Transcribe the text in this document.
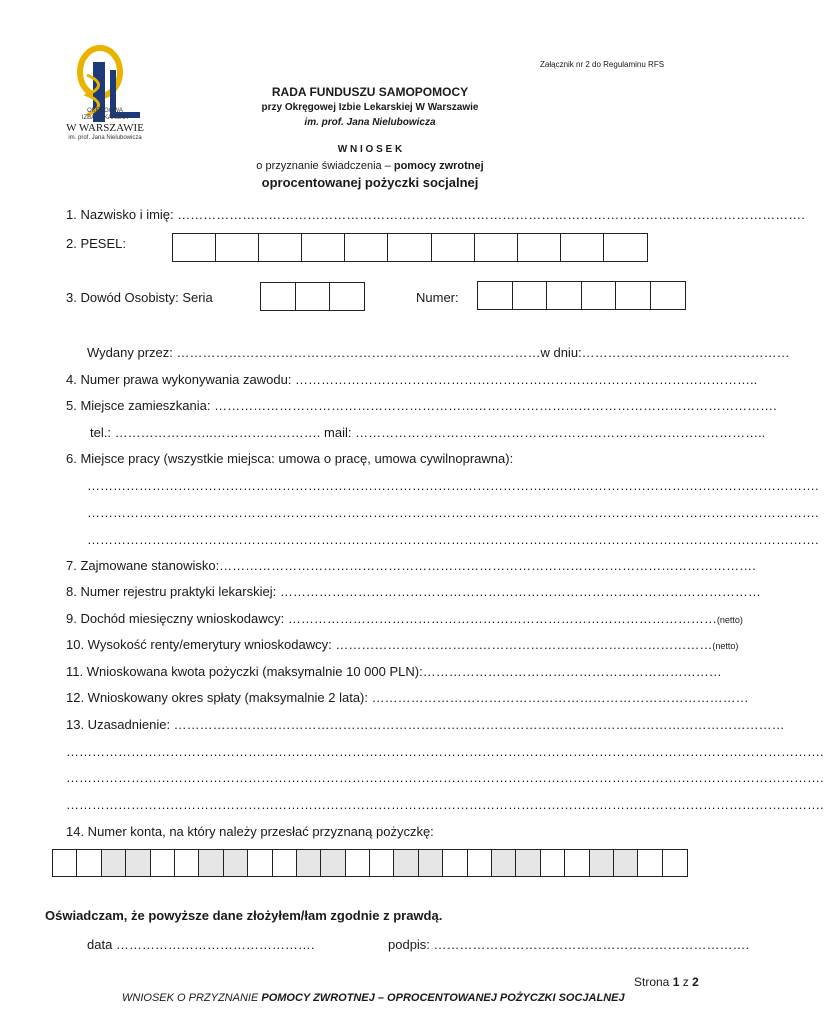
Załącznik nr 2 do Regulaminu RFS
OKRĘGOWA
IZBA LEKARSKA
W WARSZAWIE
im. prof. Jana Nielubowicza
RADA FUNDUSZU SAMOPOMOCY
przy Okręgowej Izbie Lekarskiej W Warszawie
im. prof. Jana Nielubowicza
W N I O S E K
o przyznanie świadczenia – pomocy zwrotnej
oprocentowanej pożyczki socjalnej
1. Nazwisko i imię: ……………………………………………………………………………………………………………………………….
2. PESEL:
3. Dowód Osobisty: Seria	Numer:
Wydany przez: …………………………………………………………………………w dniu:…………………………………………
4. Numer prawa wykonywania zawodu: ……………………………………………………………………………………………..
5. Miejsce zamieszkania: ………………………………………………………………………………………………………………….
tel.: …………………..……………………. mail: …………………………………………………………………………………..
6. Miejsce pracy (wszystkie miejsca: umowa o pracę, umowa cywilnoprawna):
…………………………………………………………………………………………………………………………………………………….
…………………………………………………………………………………………………………………………………………………….
…………………………………………………………………………………………………………………………………………………….
7. Zajmowane stanowisko:…………………………………………………………………………………………………………….
8. Numer rejestru praktyki lekarskiej: …………………………………………………………………………………………………
9. Dochód miesięczny wnioskodawcy: ………………………………………………………………………………………(netto)
10. Wysokość renty/emerytury wnioskodawcy: ……………………………………………………………………………(netto)
11. Wnioskowana kwota pożyczki (maksymalnie 10 000 PLN):……………………………………………………………
12. Wnioskowany okres spłaty (maksymalnie 2 lata): ……………………………………………………………………………
13. Uzasadnienie: ……………………………………………………………………………………………………………………………
………………………………………………………………………………………………………………………………………………………….
………………………………………………………………………………………………………………………………………………………….
………………………………………………………………………………………………………………………………………………………….
14. Numer konta, na który należy przesłać przyznaną pożyczkę:
Oświadczam, że powyższe dane złożyłem/łam zgodnie z prawdą.
data ……………………………………….	podpis: ……………………………………………………………….
Strona 1 z 2
WNIOSEK O PRZYZNANIE POMOCY ZWROTNEJ – OPROCENTOWANEJ POŻYCZKI SOCJALNEJ
